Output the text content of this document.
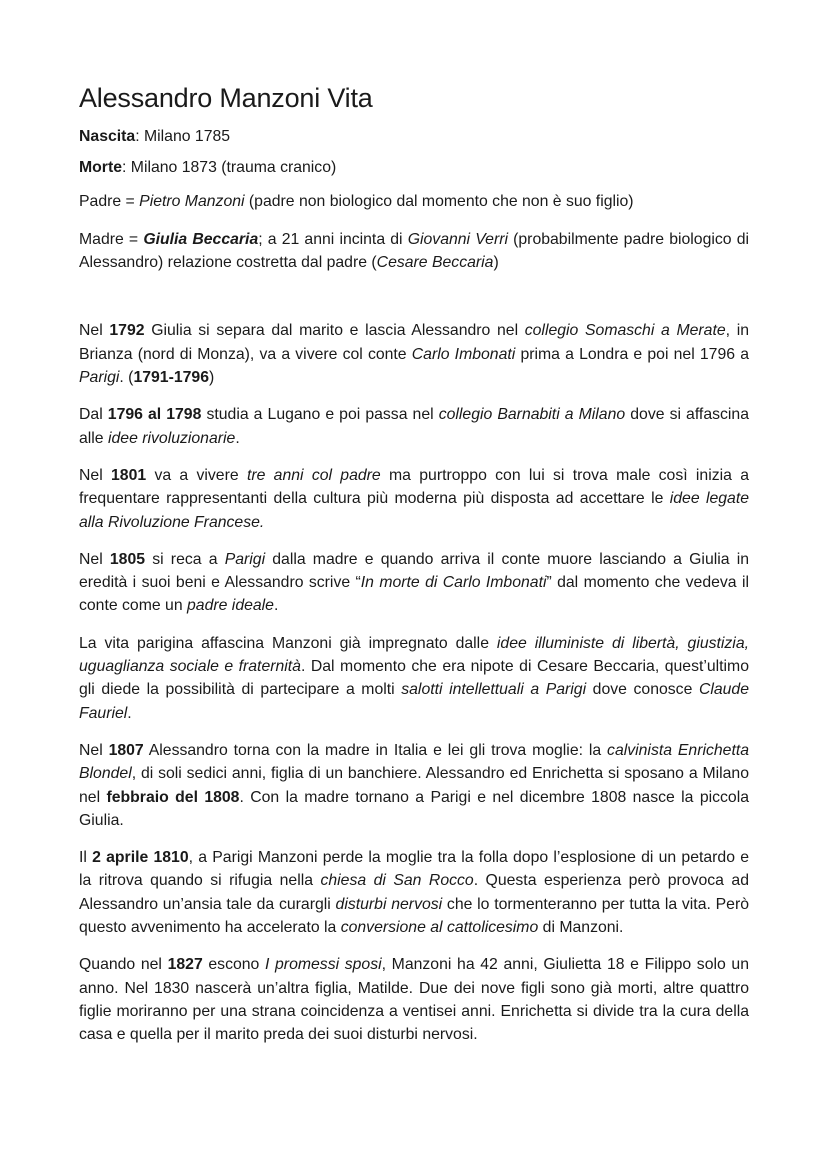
Alessandro Manzoni Vita

Nascita: Milano 1785

Morte: Milano 1873 (trauma cranico)

Padre = Pietro Manzoni (padre non biologico dal momento che non è suo figlio)

Madre = Giulia Beccaria; a 21 anni incinta di Giovanni Verri (probabilmente padre biologico di Alessandro) relazione costretta dal padre (Cesare Beccaria)

Nel 1792 Giulia si separa dal marito e lascia Alessandro nel collegio Somaschi a Merate, in Brianza (nord di Monza), va a vivere col conte Carlo Imbonati prima a Londra e poi nel 1796 a Parigi. (1791-1796)

Dal 1796 al 1798 studia a Lugano e poi passa nel collegio Barnabiti a Milano dove si affascina alle idee rivoluzionarie.

Nel 1801 va a vivere tre anni col padre ma purtroppo con lui si trova male così inizia a frequentare rappresentanti della cultura più moderna più disposta ad accettare le idee legate alla Rivoluzione Francese.

Nel 1805 si reca a Parigi dalla madre e quando arriva il conte muore lasciando a Giulia in eredità i suoi beni e Alessandro scrive “In morte di Carlo Imbonati” dal momento che vedeva il conte come un padre ideale.

La vita parigina affascina Manzoni già impregnato dalle idee illuministe di libertà, giustizia, uguaglianza sociale e fraternità. Dal momento che era nipote di Cesare Beccaria, quest’ultimo gli diede la possibilità di partecipare a molti salotti intellettuali a Parigi dove conosce Claude Fauriel.

Nel 1807 Alessandro torna con la madre in Italia e lei gli trova moglie: la calvinista Enrichetta Blondel, di soli sedici anni, figlia di un banchiere. Alessandro ed Enrichetta si sposano a Milano nel febbraio del 1808. Con la madre tornano a Parigi e nel dicembre 1808 nasce la piccola Giulia.

Il 2 aprile 1810, a Parigi Manzoni perde la moglie tra la folla dopo l’esplosione di un petardo e la ritrova quando si rifugia nella chiesa di San Rocco. Questa esperienza però provoca ad Alessandro un’ansia tale da curargli disturbi nervosi che lo tormenteranno per tutta la vita. Però questo avvenimento ha accelerato la conversione al cattolicesimo di Manzoni.

Quando nel 1827 escono I promessi sposi, Manzoni ha 42 anni, Giulietta 18 e Filippo solo un anno. Nel 1830 nascerà un’altra figlia, Matilde. Due dei nove figli sono già morti, altre quattro figlie moriranno per una strana coincidenza a ventisei anni. Enrichetta si divide tra la cura della casa e quella per il marito preda dei suoi disturbi nervosi.
